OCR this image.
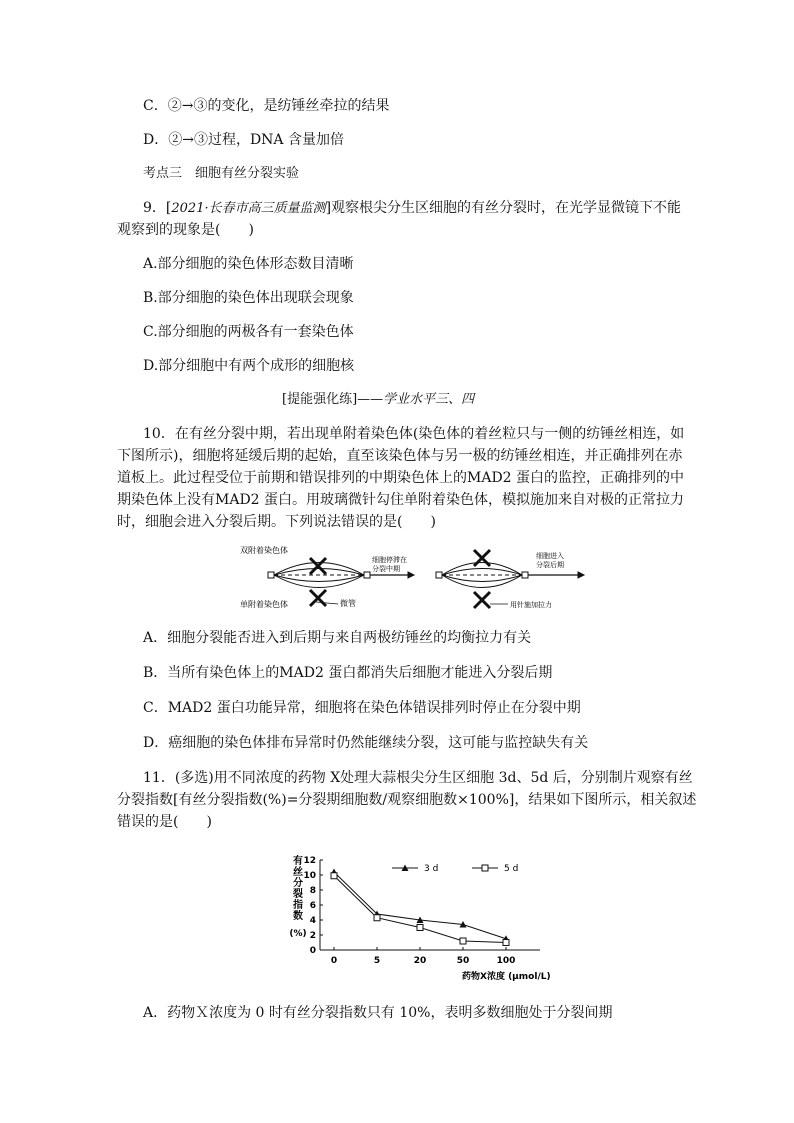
C．②→③的变化，是纺锤丝牵拉的结果
D．②→③过程，DNA 含量加倍
考点三　细胞有丝分裂实验
9．[2021·长春市高三质量监测]观察根尖分生区细胞的有丝分裂时，在光学显微镜下不能
观察到的现象是(　　)
A.部分细胞的染色体形态数目清晰
B.部分细胞的染色体出现联会现象
C.部分细胞的两极各有一套染色体
D.部分细胞中有两个成形的细胞核
[提能强化练]——学业水平三、四
10．在有丝分裂中期，若出现单附着染色体(染色体的着丝粒只与一侧的纺锤丝相连，如
下图所示)，细胞将延缓后期的起始，直至该染色体与另一极的纺锤丝相连，并正确排列在赤
道板上。此过程受位于前期和错误排列的中期染色体上的MAD2 蛋白的监控，正确排列的中
期染色体上没有MAD2 蛋白。用玻璃微针勾住单附着染色体，模拟施加来自对极的正常拉力
时，细胞会进入分裂后期。下列说法错误的是(　　)
双附着染色体
单附着染色体	微管
细胞停滞在
分裂中期
细胞进入
分裂后期
用针施加拉力
A．细胞分裂能否进入到后期与来自两极纺锤丝的均衡拉力有关
B．当所有染色体上的MAD2 蛋白都消失后细胞才能进入分裂后期
C．MAD2 蛋白功能异常，细胞将在染色体错误排列时停止在分裂中期
D．癌细胞的染色体排布异常时仍然能继续分裂，这可能与监控缺失有关
11．(多选)用不同浓度的药物 X处理大蒜根尖分生区细胞 3d、5d 后，分别制片观察有丝
分裂指数[有丝分裂指数(%)=分裂期细胞数/观察细胞数×100%]，结果如下图所示，相关叙述
错误的是(　　)
有
丝
分
裂
指
数
(%)
0
2
4
6
8
10
12
0	5	20	50	100
3 d	5 d
药物X浓度 (μmol/L)
A．药物Ｘ浓度为 0 时有丝分裂指数只有 10%，表明多数细胞处于分裂间期
